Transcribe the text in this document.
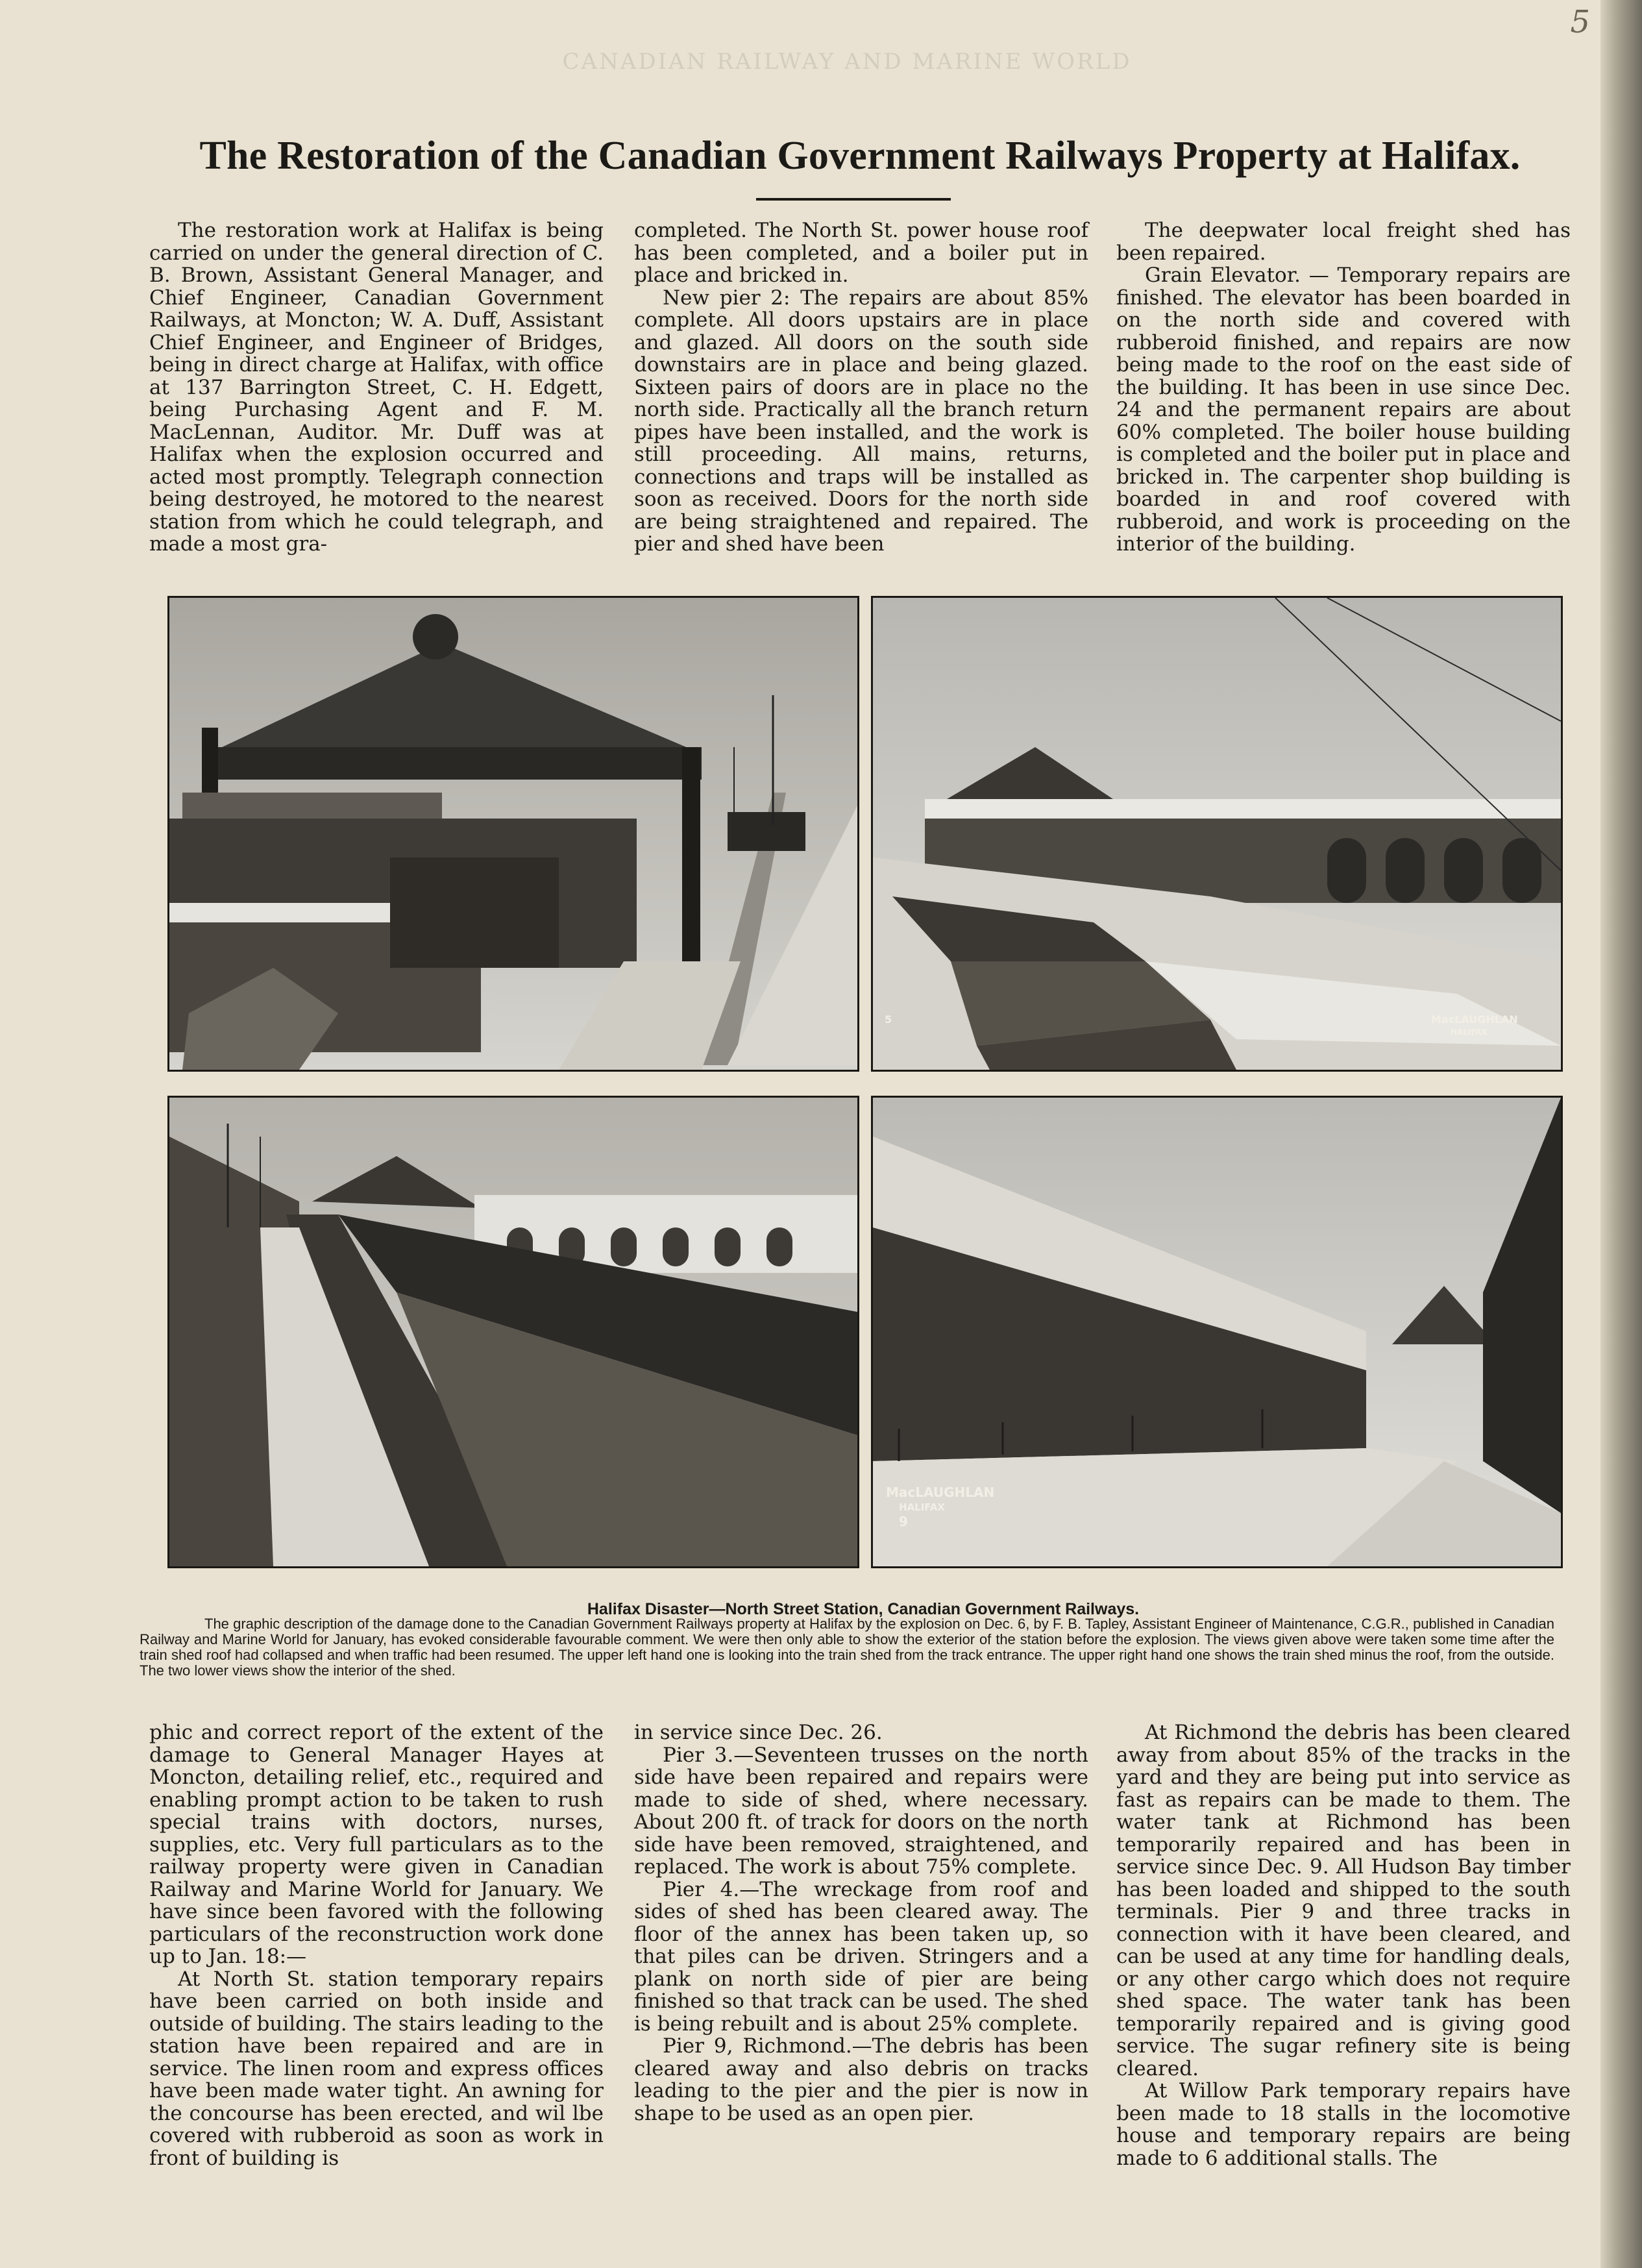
CANADIAN RAILWAY AND MARINE WORLD
5
The Restoration of the Canadian Government Railways Property at Halifax.

The restoration work at Halifax is being carried on under the general direction of C. B. Brown, Assistant General Manager, and Chief Engineer, Canadian Government Railways, at Moncton; W. A. Duff, Assistant Chief Engineer, and Engineer of Bridges, being in direct charge at Halifax, with office at 137 Barrington Street, C. H. Edgett, being Purchasing Agent and F. M. MacLennan, Auditor. Mr. Duff was at Halifax when the explosion occurred and acted most promptly. Telegraph connection being destroyed, he motored to the nearest station from which he could telegraph, and made a most gra-

completed. The North St. power house roof has been completed, and a boiler put in place and bricked in.

New pier 2: The repairs are about 85% complete. All doors upstairs are in place and glazed. All doors on the south side downstairs are in place and being glazed. Sixteen pairs of doors are in place no the north side. Practically all the branch return pipes have been installed, and the work is still proceeding. All mains, returns, connections and traps will be installed as soon as received. Doors for the north side are being straightened and repaired. The pier and shed have been

The deepwater local freight shed has been repaired.

Grain Elevator. — Temporary repairs are finished. The elevator has been boarded in on the north side and covered with rubberoid finished, and repairs are now being made to the roof on the east side of the building. It has been in use since Dec. 24 and the permanent repairs are about 60% completed. The boiler house building is completed and the boiler put in place and bricked in. The carpenter shop building is boarded in and roof covered with rubberoid, and work is proceeding on the interior of the building.

MacLAUGHLAN
HALIFAX
5
MacLAUGHLAN
HALIFAX
9
Halifax Disaster—North Street Station, Canadian Government Railways.
The graphic description of the damage done to the Canadian Government Railways property at Halifax by the explosion on Dec. 6, by F. B. Tapley, Assistant Engineer of Maintenance, C.G.R., published in Canadian Railway and Marine World for January, has evoked considerable favourable comment. We were then only able to show the exterior of the station before the explosion. The views given above were taken some time after the train shed roof had collapsed and when traffic had been resumed. The upper left hand one is looking into the train shed from the track entrance. The upper right hand one shows the train shed minus the roof, from the outside. The two lower views show the interior of the shed.

phic and correct report of the extent of the damage to General Manager Hayes at Moncton, detailing relief, etc., required and enabling prompt action to be taken to rush special trains with doctors, nurses, supplies, etc. Very full particulars as to the railway property were given in Canadian Railway and Marine World for January. We have since been favored with the following particulars of the reconstruction work done up to Jan. 18:—

At North St. station temporary repairs have been carried on both inside and outside of building. The stairs leading to the station have been repaired and are in service. The linen room and express offices have been made water tight. An awning for the concourse has been erected, and wil lbe covered with rubberoid as soon as work in front of building is

in service since Dec. 26.

Pier 3.—Seventeen trusses on the north side have been repaired and repairs were made to side of shed, where necessary. About 200 ft. of track for doors on the north side have been removed, straightened, and replaced. The work is about 75% complete.

Pier 4.—The wreckage from roof and sides of shed has been cleared away. The floor of the annex has been taken up, so that piles can be driven. Stringers and a plank on north side of pier are being finished so that track can be used. The shed is being rebuilt and is about 25% complete.

Pier 9, Richmond.—The debris has been cleared away and also debris on tracks leading to the pier and the pier is now in shape to be used as an open pier.

At Richmond the debris has been cleared away from about 85% of the tracks in the yard and they are being put into service as fast as repairs can be made to them. The water tank at Richmond has been temporarily repaired and has been in service since Dec. 9. All Hudson Bay timber has been loaded and shipped to the south terminals. Pier 9 and three tracks in connection with it have been cleared, and can be used at any time for handling deals, or any other cargo which does not require shed space. The water tank has been temporarily repaired and is giving good service. The sugar refinery site is being cleared.

At Willow Park temporary repairs have been made to 18 stalls in the locomotive house and temporary repairs are being made to 6 additional stalls. The
